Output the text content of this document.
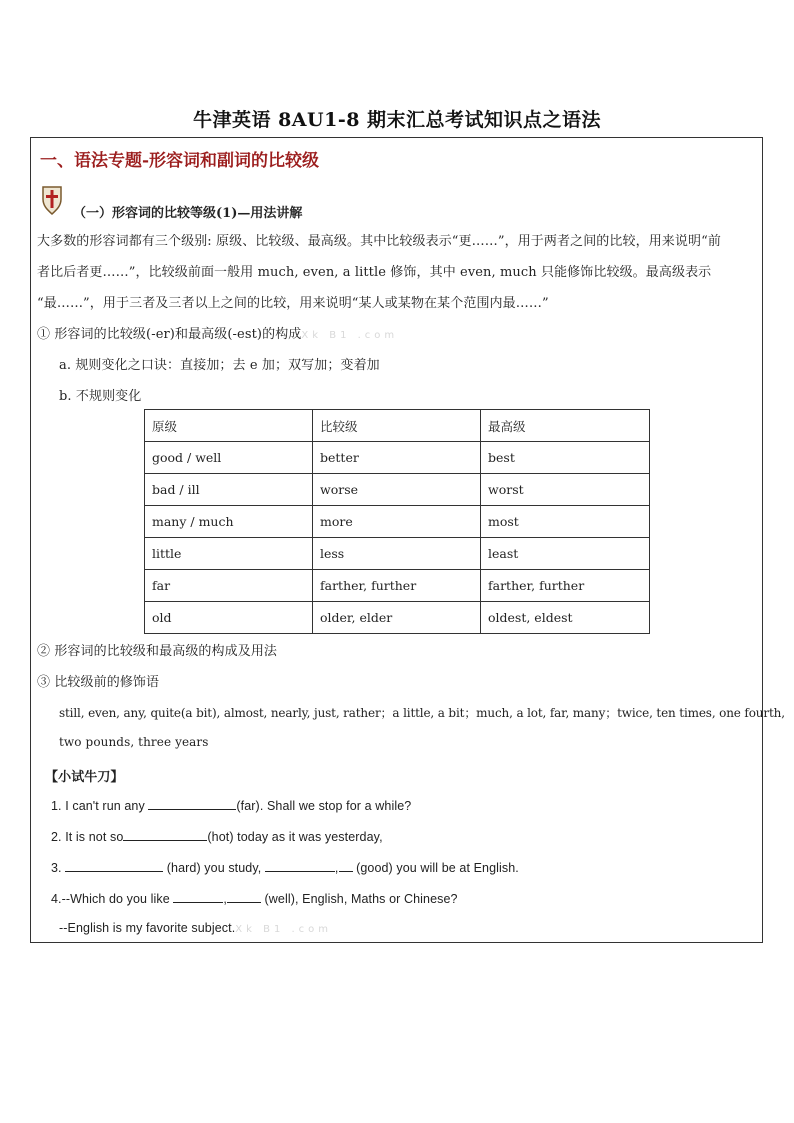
牛津英语 8AU1-8 期末汇总考试知识点之语法
一、语法专题-形容词和副词的比较级
（一）形容词的比较等级(1)—用法讲解
大多数的形容词都有三个级别: 原级、比较级、最高级。其中比较级表示“更……”，用于两者之间的比较，用来说明“前
者比后者更……”，比较级前面一般用 much, even, a little 修饰，其中 even, much 只能修饰比较级。最高级表示
“最……”，用于三者及三者以上之间的比较，用来说明“某人或某物在某个范围内最……”
① 形容词的比较级(-er)和最高级(-est)的构成Xk B1 .com
a. 规则变化之口诀：直接加；去 e 加；双写加；变着加
b. 不规则变化
原级	比较级	最高级
good / well	better	best
bad / ill	worse	worst
many / much	more	most
little	less	least
far	farther, further	farther, further
old	older, elder	oldest, eldest
② 形容词的比较级和最高级的构成及用法
③ 比较级前的修饰语
still, even, any, quite(a bit), almost, nearly, just, rather；a little, a bit；much, a lot, far, many；twice, ten times, one fourth,
two pounds, three years
【小试牛刀】
1. I can't run any	(far). Shall we stop for a while?
2. It is not so	(hot) today as it was yesterday,
3.	(hard) you study,	, (good) you will be at English.
4.--Which do you like	,	(well), English, Maths or Chinese?
--English is my favorite subject.Xk B1 .com
